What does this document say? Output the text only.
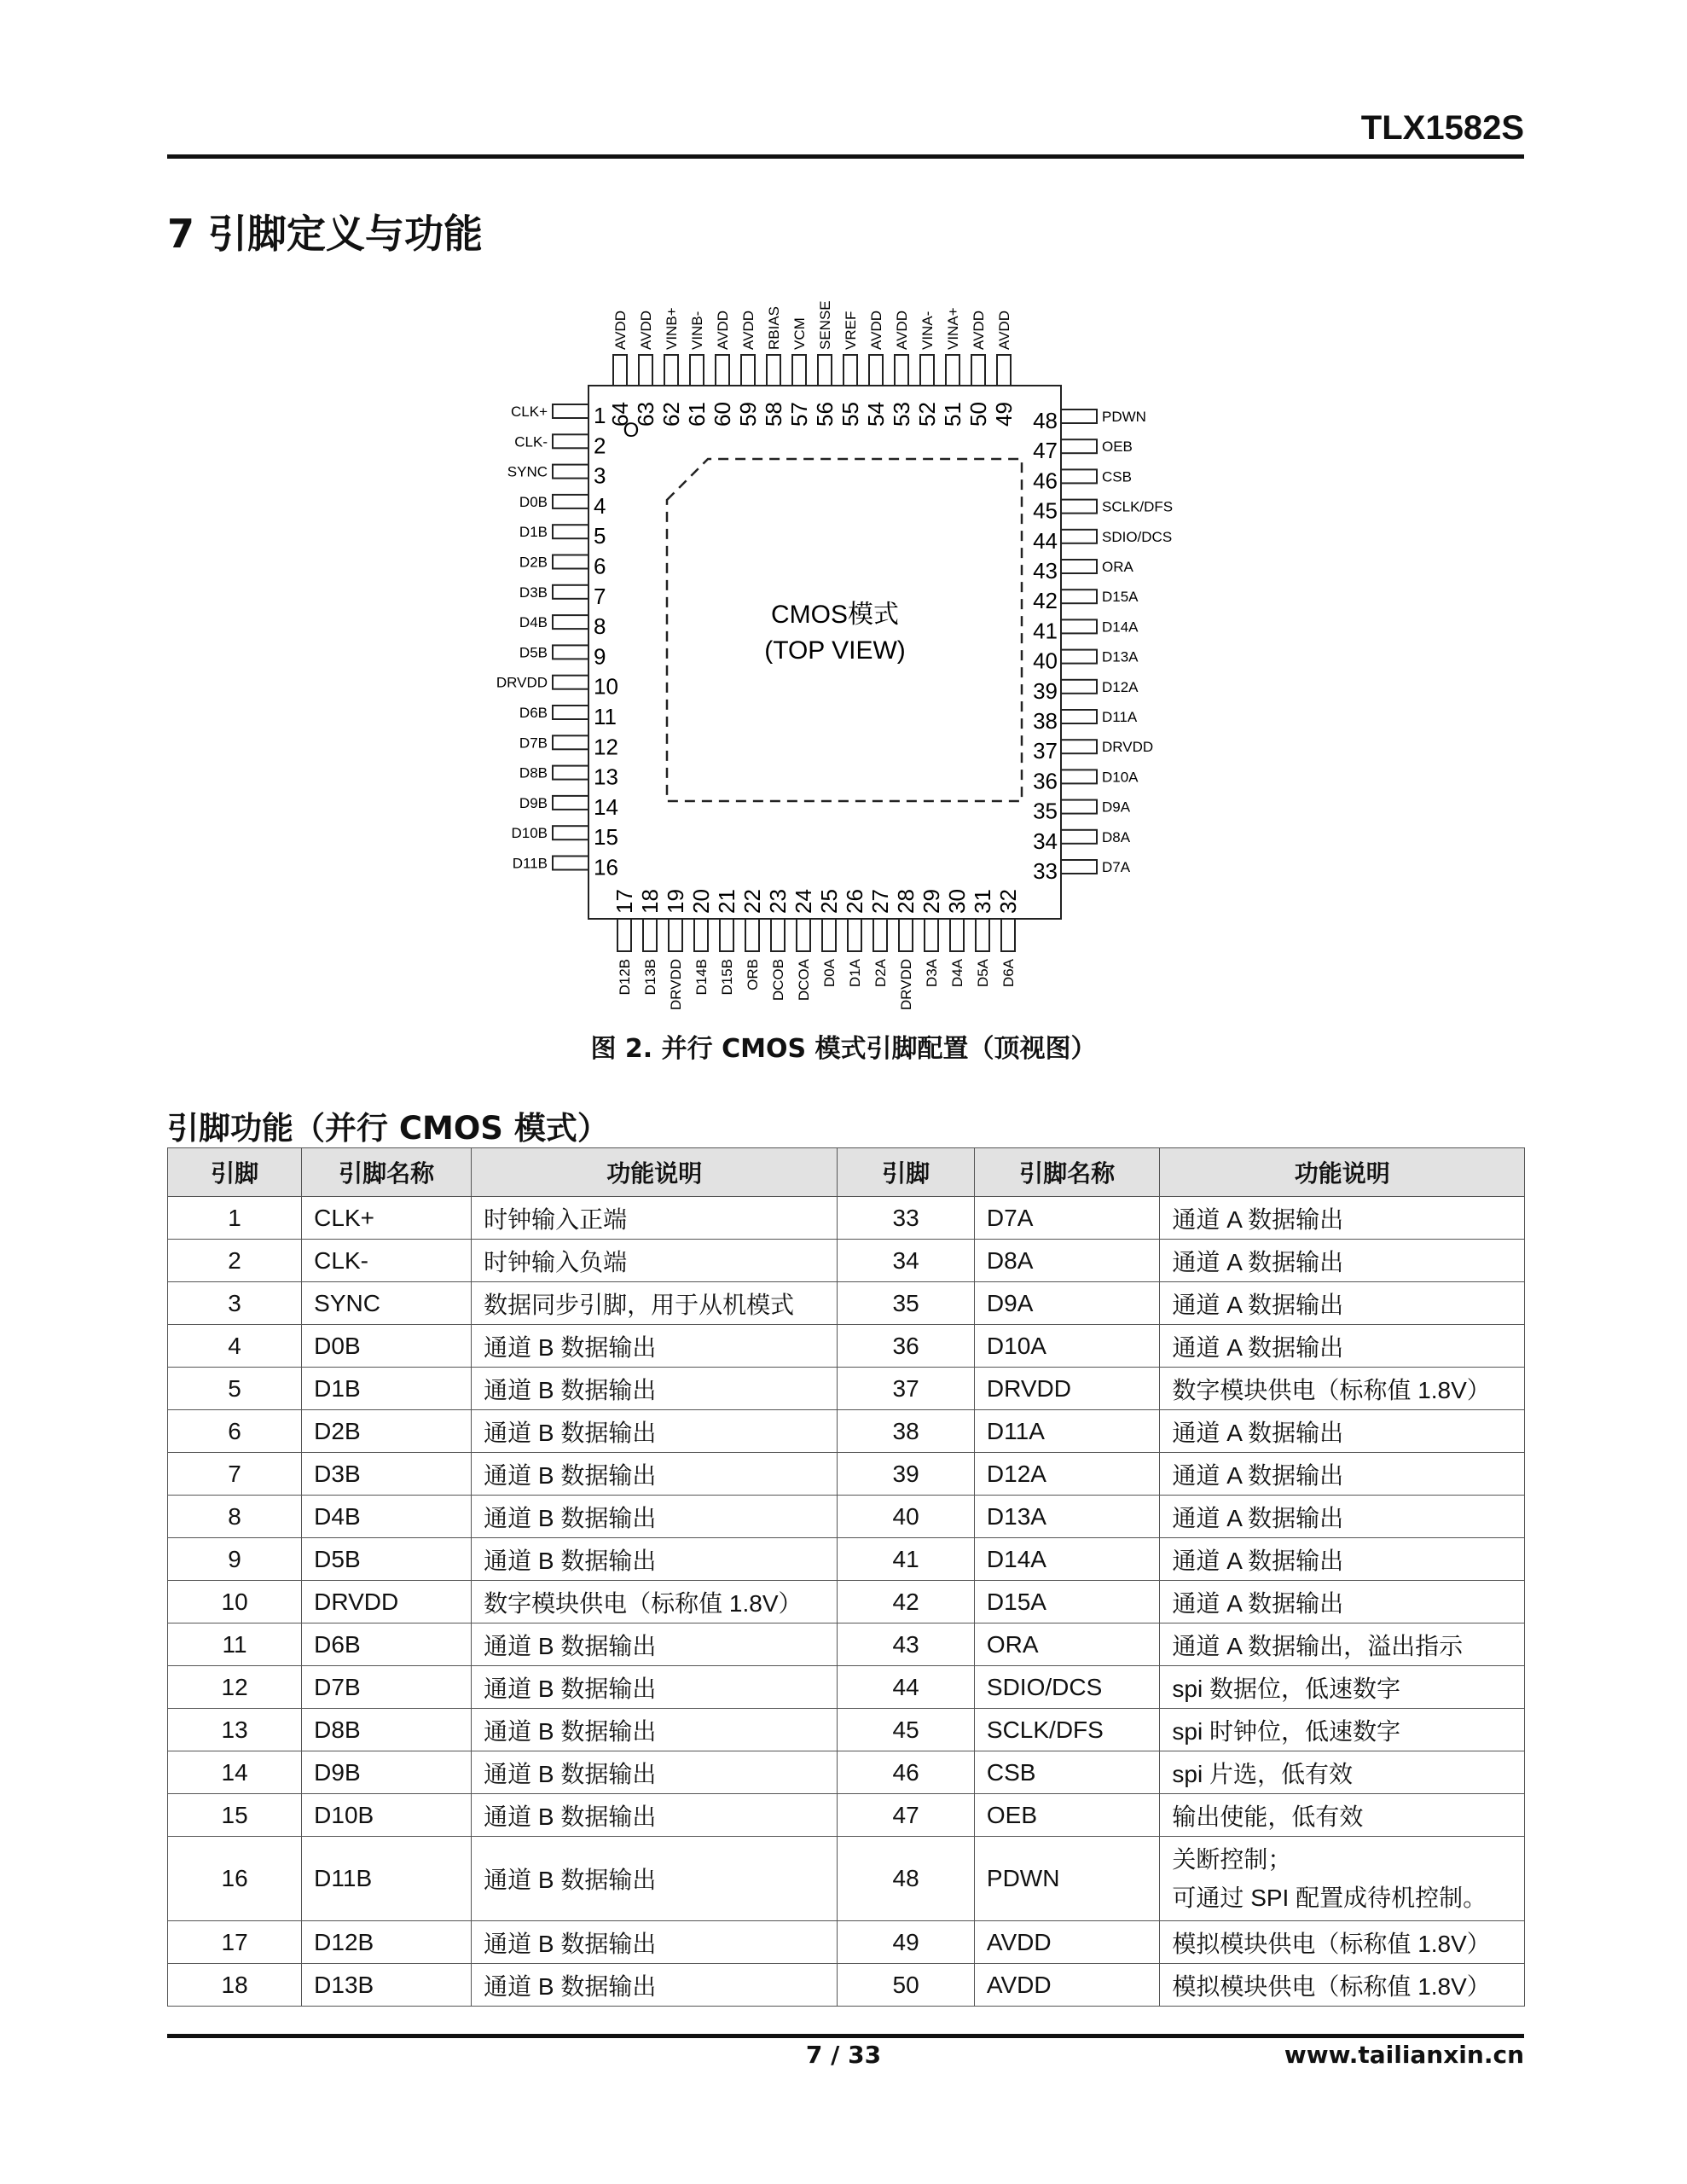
TLX1582S
7 引脚定义与功能
CMOS模式
(TOP VIEW)
O
CLK+ 1
CLK- 2
SYNC 3
D0B 4
D1B 5
D2B 6
D3B 7
D4B 8
D5B 9
DRVDD 10
D6B 11
D7B 12
D8B 13
D9B 14
D10B 15
D11B 16
PDWN
48
OEB
47
CSB
46
SCLK/DFS
45
SDIO/DCS
44
ORA
43
D15A
42
D14A
41
D13A
40
D12A
39
D11A
38
DRVDD
37
D10A
36
D9A
35
D8A
34
D7A
33
AVDD
64
AVDD
63
VINB+
62
VINB-
61
AVDD
60
AVDD
59
RBIAS
58
VCM
57
SENSE
56
VREF
55
AVDD
54
AVDD
53
VINA-
52
VINA+
51
AVDD
50
AVDD
49
D12B
17
D13B
18
DRVDD
19
D14B
20
D15B
21
ORB
22
DCOB
23
DCOA
24
D0A
25
D1A
26
D2A
27
DRVDD
28
D3A
29
D4A
30
D5A
31
D6A
32
图 2. 并行 CMOS 模式引脚配置（顶视图）
引脚功能（并行 CMOS 模式）
引脚	引脚名称	功能说明	引脚	引脚名称	功能说明
1	CLK+	时钟输入正端	33	D7A	通道 A 数据输出
2	CLK-	时钟输入负端	34	D8A	通道 A 数据输出
3	SYNC	数据同步引脚，用于从机模式	35	D9A	通道 A 数据输出
4	D0B	通道 B 数据输出	36	D10A	通道 A 数据输出
5	D1B	通道 B 数据输出	37	DRVDD	数字模块供电（标称值 1.8V）
6	D2B	通道 B 数据输出	38	D11A	通道 A 数据输出
7	D3B	通道 B 数据输出	39	D12A	通道 A 数据输出
8	D4B	通道 B 数据输出	40	D13A	通道 A 数据输出
9	D5B	通道 B 数据输出	41	D14A	通道 A 数据输出
10	DRVDD	数字模块供电（标称值 1.8V）	42	D15A	通道 A 数据输出
11	D6B	通道 B 数据输出	43	ORA	通道 A 数据输出，溢出指示
12	D7B	通道 B 数据输出	44	SDIO/DCS	spi 数据位，低速数字
13	D8B	通道 B 数据输出	45	SCLK/DFS	spi 时钟位，低速数字
14	D9B	通道 B 数据输出	46	CSB	spi 片选，低有效
15	D10B	通道 B 数据输出	47	OEB	输出使能，低有效
16	D11B	通道 B 数据输出	48	PDWN	关断控制；
可通过 SPI 配置成待机控制。
17	D12B	通道 B 数据输出	49	AVDD	模拟模块供电（标称值 1.8V）
18	D13B	通道 B 数据输出	50	AVDD	模拟模块供电（标称值 1.8V）
7 / 33	www.tailianxin.cn
